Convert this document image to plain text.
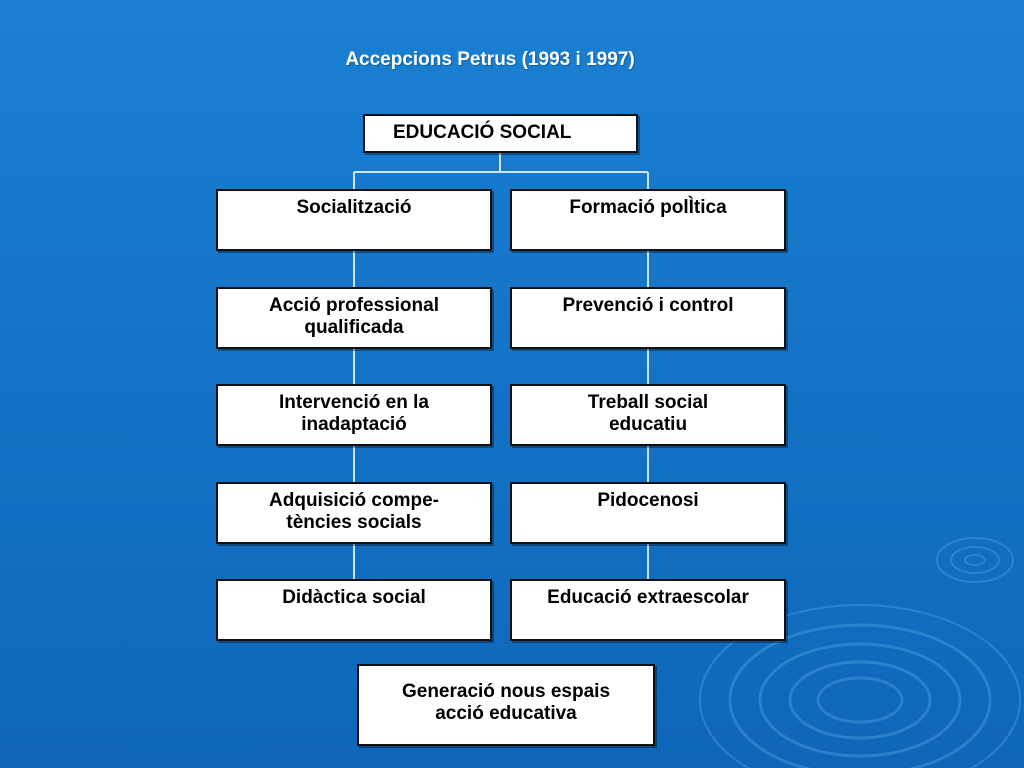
Accepcions Petrus (1993 i 1997)
EDUCACIÓ SOCIAL
Socialització
Acció professional
qualificada
Intervenció en la
inadaptació
Adquisició compe-
tències socials
Didàctica social
Formació polÌtica
Prevenció i control
Treball social
educatiu
Pidocenosi
Educació extraescolar
Generació nous espais
acció educativa
